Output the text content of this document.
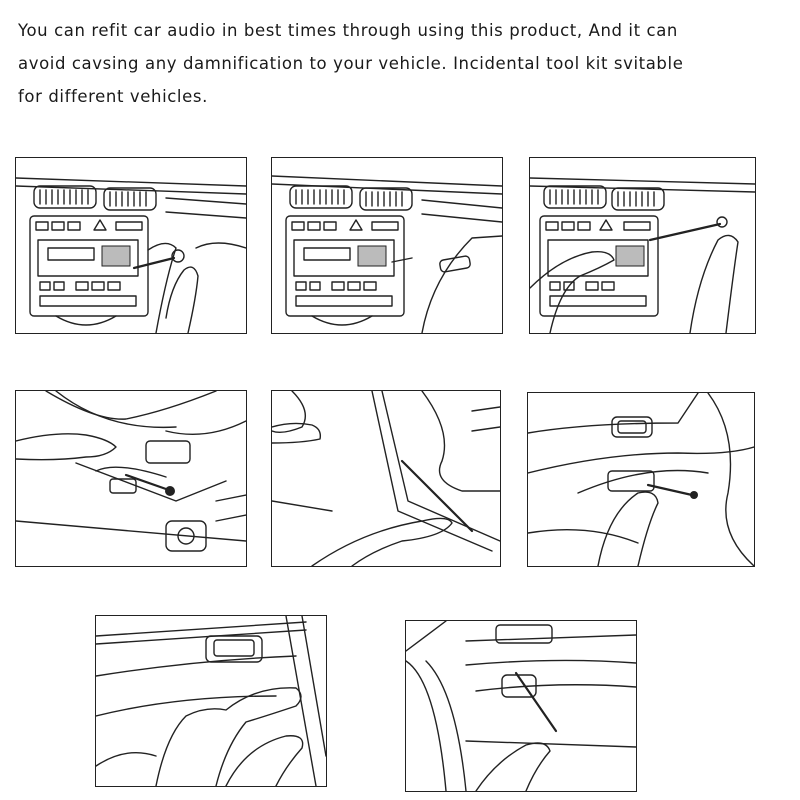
You can refit car audio in best times through using this product, And it can
avoid cavsing any damnification to your vehicle. Incidental tool kit svitable
for different vehicles.
